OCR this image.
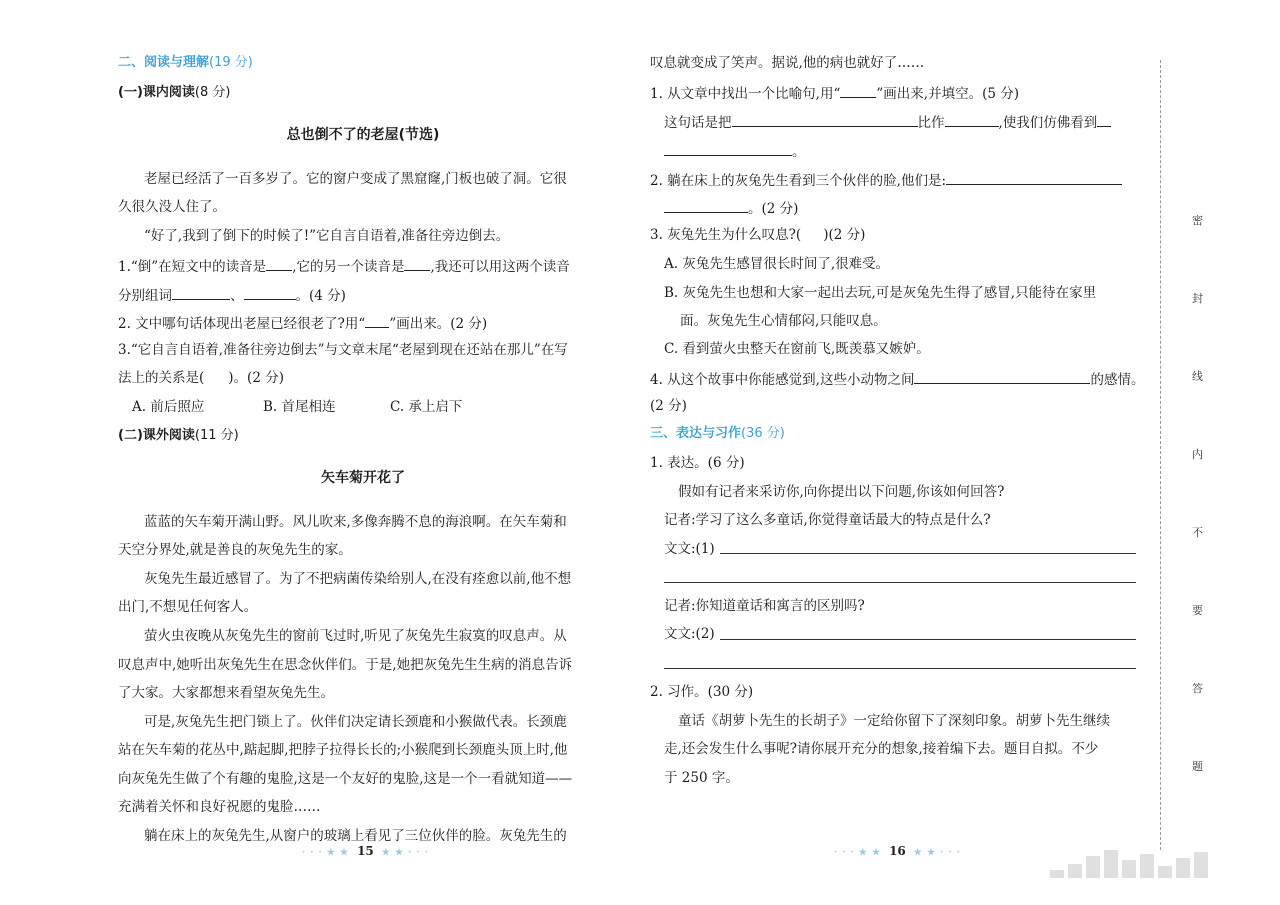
二、阅读与理解(19 分)
(一)课内阅读(8 分)
总也倒不了的老屋(节选)
老屋已经活了一百多岁了。它的窗户变成了黑窟窿,门板也破了洞。它很
久很久没人住了。
“好了,我到了倒下的时候了!”它自言自语着,准备往旁边倒去。
1.“倒”在短文中的读音是 ,它的另一个读音是 ,我还可以用这两个读音
分别组词	、	。(4 分)
2. 文中哪句话体现出老屋已经很老了?用“ ”画出来。(2 分)
3.“它自言自语着,准备往旁边倒去”与文章末尾“老屋到现在还站在那儿”在写
法上的关系是( )。(2 分)
A. 前后照应	B. 首尾相连	C. 承上启下
(二)课外阅读(11 分)
矢车菊开花了
蓝蓝的矢车菊开满山野。风儿吹来,多像奔腾不息的海浪啊。在矢车菊和
天空分界处,就是善良的灰兔先生的家。
灰兔先生最近感冒了。为了不把病菌传染给别人,在没有痊愈以前,他不想
出门,不想见任何客人。
萤火虫夜晚从灰兔先生的窗前飞过时,听见了灰兔先生寂寞的叹息声。从
叹息声中,她听出灰兔先生在思念伙伴们。于是,她把灰兔先生生病的消息告诉
了大家。大家都想来看望灰兔先生。
可是,灰兔先生把门锁上了。伙伴们决定请长颈鹿和小猴做代表。长颈鹿
站在矢车菊的花丛中,踮起脚,把脖子拉得长长的;小猴爬到长颈鹿头顶上时,他
向灰兔先生做了个有趣的鬼脸,这是一个友好的鬼脸,这是一个一看就知道——
充满着关怀和良好祝愿的鬼脸……
躺在床上的灰兔先生,从窗户的玻璃上看见了三位伙伴的脸。灰兔先生的
· · · ★ ★ 15 ★ ★ · · ·
叹息就变成了笑声。据说,他的病也就好了……
1. 从文章中找出一个比喻句,用“	”画出来,并填空。(5 分)
这句话是把	比作	,使我们仿佛看到
。
2. 躺在床上的灰兔先生看到三个伙伴的脸,他们是:
。(2 分)
3. 灰兔先生为什么叹息?( )(2 分)
A. 灰兔先生感冒很长时间了,很难受。
B. 灰兔先生也想和大家一起出去玩,可是灰兔先生得了感冒,只能待在家里
面。灰兔先生心情郁闷,只能叹息。
C. 看到萤火虫整天在窗前飞,既羡慕又嫉妒。
4. 从这个故事中你能感觉到,这些小动物之间	的感情。
(2 分)
三、表达与习作(36 分)
1. 表达。(6 分)
假如有记者来采访你,向你提出以下问题,你该如何回答?
记者:学习了这么多童话,你觉得童话最大的特点是什么?
文文:(1)
记者:你知道童话和寓言的区别吗?
文文:(2)
2. 习作。(30 分)
童话《胡萝卜先生的长胡子》一定给你留下了深刻印象。胡萝卜先生继续
走,还会发生什么事呢?请你展开充分的想象,接着编下去。题目自拟。不少
于 250 字。
· · · ★ ★ 16 ★ ★ · · ·
密
封
线
内
不
要
答
题
